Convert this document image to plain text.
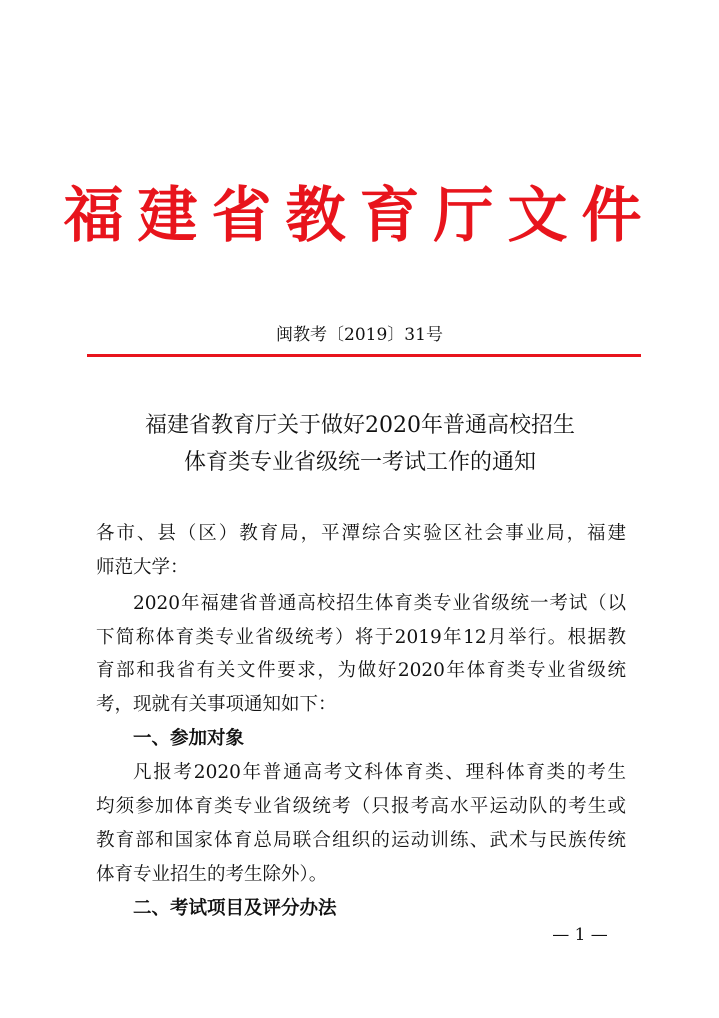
福建省教育厅文件
闽教考〔2019〕31号
福建省教育厅关于做好2020年普通高校招生
体育类专业省级统一考试工作的通知
各市、县（区）教育局，平潭综合实验区社会事业局，福建
师范大学：
2020年福建省普通高校招生体育类专业省级统一考试（以
下简称体育类专业省级统考）将于2019年12月举行。根据教
育部和我省有关文件要求，为做好2020年体育类专业省级统
考，现就有关事项通知如下：
一、参加对象
凡报考2020年普通高考文科体育类、理科体育类的考生
均须参加体育类专业省级统考（只报考高水平运动队的考生或
教育部和国家体育总局联合组织的运动训练、武术与民族传统
体育专业招生的考生除外）。
二、考试项目及评分办法
— 1 —
